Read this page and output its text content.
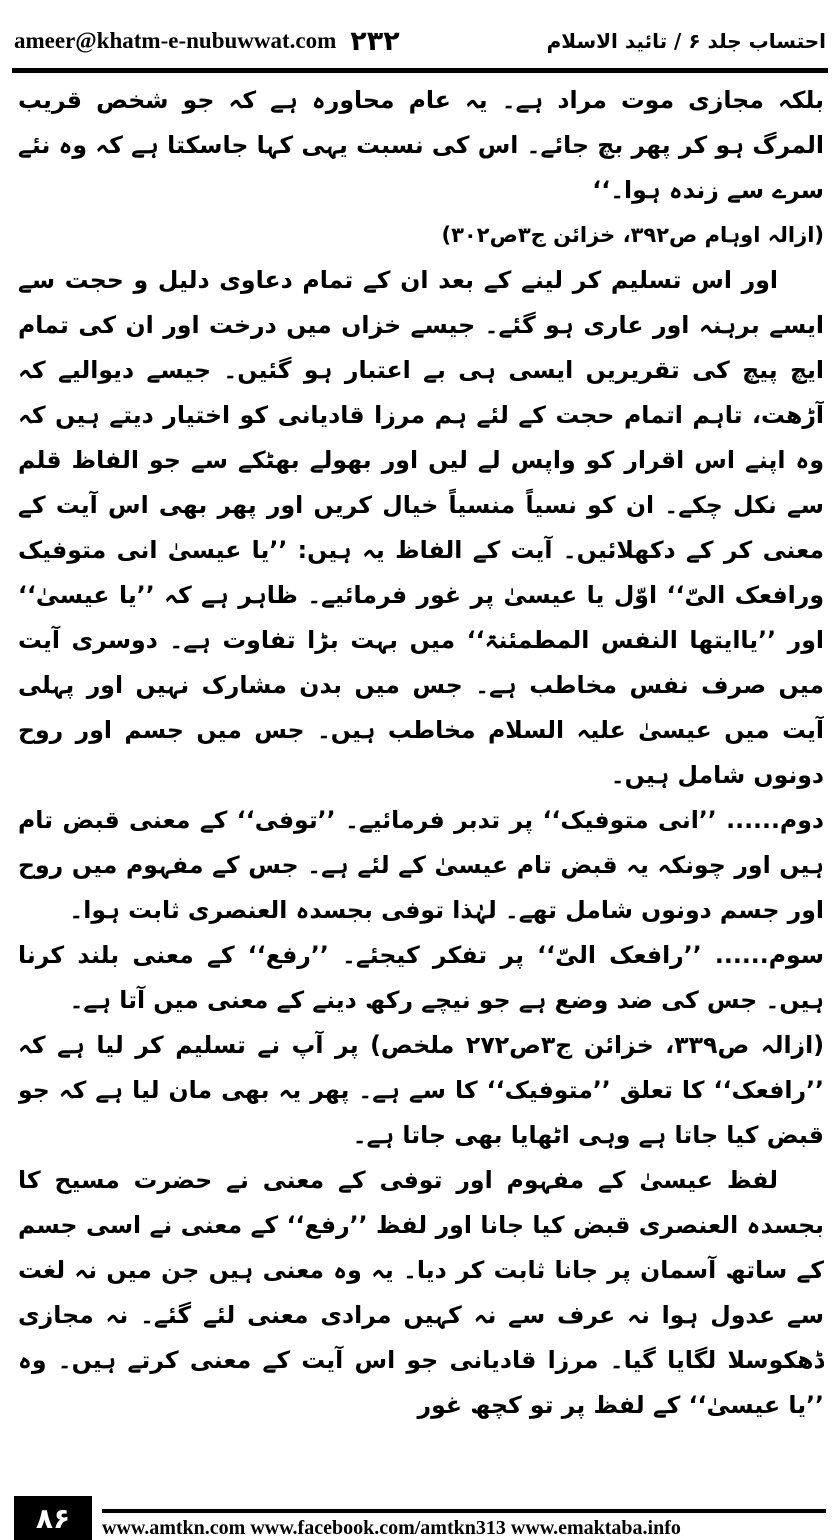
ameer@khatm-e-nubuwwat.com ۲۳۲	احتساب جلد ۶ / تائید الاسلام

بلکہ مجازی موت مراد ہے۔ یہ عام محاورہ ہے کہ جو شخص قریب المرگ ہو کر پھر بچ جائے۔ اس کی نسبت یہی کہا جاسکتا ہے کہ وہ نئے سرے سے زندہ ہوا۔‘‘

(ازالہ اوہام ص۳۹۲، خزائن ج۳ص۳۰۲)

اور اس تسلیم کر لینے کے بعد ان کے تمام دعاوی دلیل و حجت سے ایسے برہنہ اور عاری ہو گئے۔ جیسے خزاں میں درخت اور ان کی تمام ایچ پیچ کی تقریریں ایسی ہی بے اعتبار ہو گئیں۔ جیسے دیوالیے کہ آڑھت، تاہم اتمام حجت کے لئے ہم مرزا قادیانی کو اختیار دیتے ہیں کہ وہ اپنے اس اقرار کو واپس لے لیں اور بھولے بھٹکے سے جو الفاظ قلم سے نکل چکے۔ ان کو نسیاً منسیاً خیال کریں اور پھر بھی اس آیت کے معنی کر کے دکھلائیں۔ آیت کے الفاظ یہ ہیں: ’’یا عیسیٰ انی متوفیک ورافعک الیّ‘‘ اوّل یا عیسیٰ پر غور فرمائیے۔ ظاہر ہے کہ ’’یا عیسیٰ‘‘ اور ’’یاایتھا النفس المطمئنۃ‘‘ میں بہت بڑا تفاوت ہے۔ دوسری آیت میں صرف نفس مخاطب ہے۔ جس میں بدن مشارک نہیں اور پہلی آیت میں عیسیٰ علیہ السلام مخاطب ہیں۔ جس میں جسم اور روح دونوں شامل ہیں۔

دوم...... ’’انی متوفیک‘‘ پر تدبر فرمائیے۔ ’’توفی‘‘ کے معنی قبض تام ہیں اور چونکہ یہ قبض تام عیسیٰ کے لئے ہے۔ جس کے مفہوم میں روح اور جسم دونوں شامل تھے۔ لہٰذا توفی بجسدہ العنصری ثابت ہوا۔

سوم...... ’’رافعک الیّ‘‘ پر تفکر کیجئے۔ ’’رفع‘‘ کے معنی بلند کرنا ہیں۔ جس کی ضد وضع ہے جو نیچے رکھ دینے کے معنی میں آتا ہے۔

(ازالہ ص۳۳۹، خزائن ج۳ص۲۷۲ ملخص) پر آپ نے تسلیم کر لیا ہے کہ ’’رافعک‘‘ کا تعلق ’’متوفیک‘‘ کا سے ہے۔ پھر یہ بھی مان لیا ہے کہ جو قبض کیا جاتا ہے وہی اٹھایا بھی جاتا ہے۔

لفظ عیسیٰ کے مفہوم اور توفی کے معنی نے حضرت مسیح کا بجسدہ العنصری قبض کیا جانا اور لفظ ’’رفع‘‘ کے معنی نے اسی جسم کے ساتھ آسمان پر جانا ثابت کر دیا۔ یہ وہ معنی ہیں جن میں نہ لغت سے عدول ہوا نہ عرف سے نہ کہیں مرادی معنی لئے گئے۔ نہ مجازی ڈھکوسلا لگایا گیا۔ مرزا قادیانی جو اس آیت کے معنی کرتے ہیں۔ وہ ’’یا عیسیٰ‘‘ کے لفظ پر تو کچھ غور

۸۶	www.amtkn.com www.facebook.com/amtkn313 www.emaktaba.info
